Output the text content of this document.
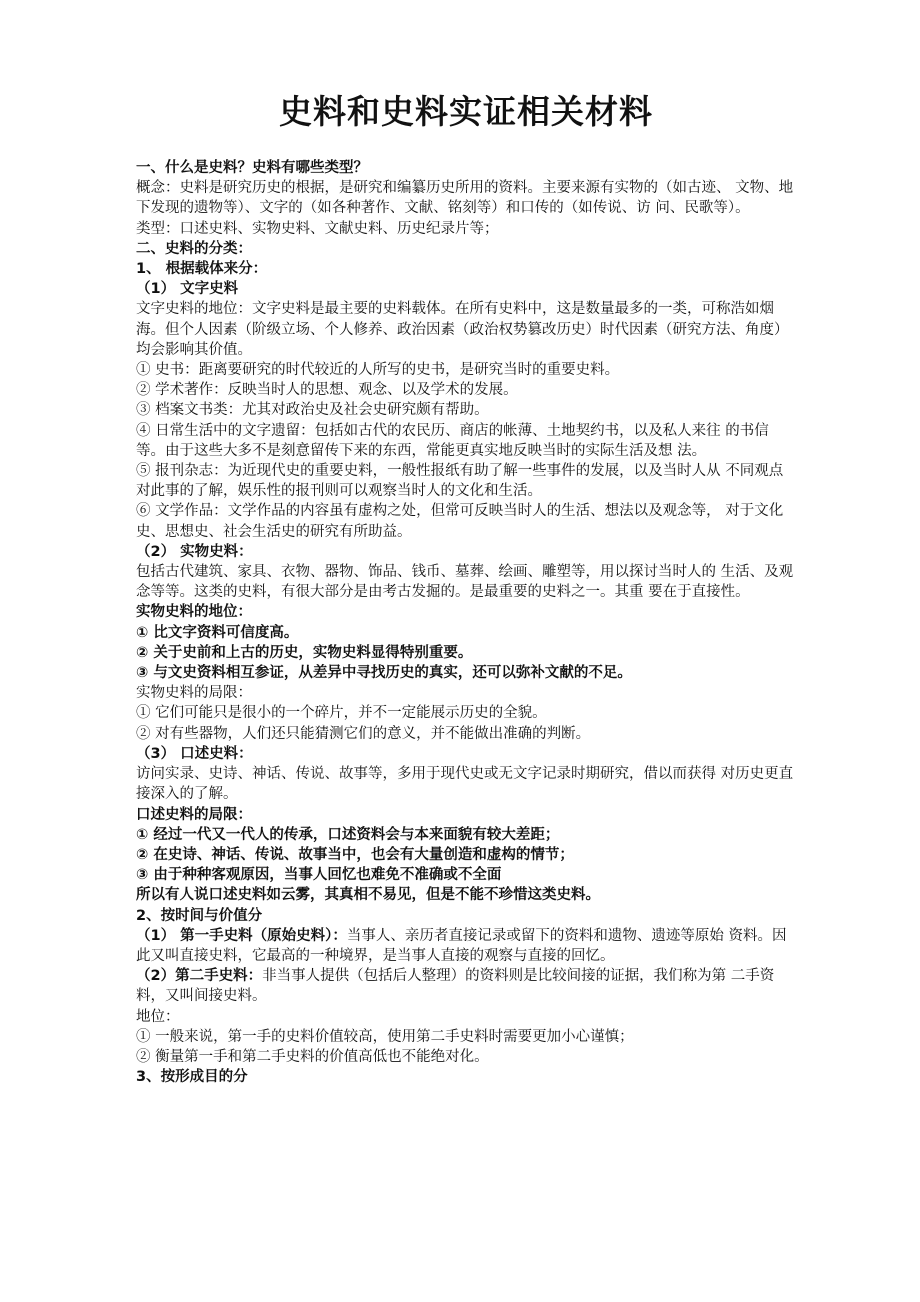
史料和史料实证相关材料

一、什么是史料？史料有哪些类型？

概念：史料是研究历史的根据，是研究和编纂历史所用的资料。主要来源有实物的（如古迹、 文物、地下发现的遗物等）、文字的（如各种著作、文献、铭刻等）和口传的（如传说、访 问、民歌等）。

类型：口述史料、实物史料、文献史料、历史纪录片等；

二、史料的分类：

1、 根据载体来分：

（1） 文字史料

文字史料的地位：文字史料是最主要的史料载体。在所有史料中，这是数量最多的一类，可称浩如烟海。但个人因素（阶级立场、个人修养、政治因素（政治权势篡改历史）时代因素（研究方法、角度）均会影响其价值。

① 史书：距离要研究的时代较近的人所写的史书，是研究当时的重要史料。

② 学术著作：反映当时人的思想、观念、以及学术的发展。

③ 档案文书类：尤其对政治史及社会史研究颇有帮助。

④ 日常生活中的文字遗留：包括如古代的农民历、商店的帐薄、土地契约书，以及私人来往 的书信等。由于这些大多不是刻意留传下来的东西，常能更真实地反映当时的实际生活及想 法。

⑤ 报刊杂志：为近现代史的重要史料，一般性报纸有助了解一些事件的发展，以及当时人从 不同观点对此事的了解，娱乐性的报刊则可以观察当时人的文化和生活。

⑥ 文学作品：文学作品的内容虽有虚构之处，但常可反映当时人的生活、想法以及观念等， 对于文化史、思想史、社会生活史的研究有所助益。

（2） 实物史料：

包括古代建筑、家具、衣物、器物、饰品、钱币、墓葬、绘画、雕塑等，用以探讨当时人的 生活、及观念等等。这类的史料，有很大部分是由考古发掘的。是最重要的史料之一。其重 要在于直接性。

实物史料的地位：

① 比文字资料可信度高。

② 关于史前和上古的历史，实物史料显得特别重要。

③ 与文史资料相互参证，从差异中寻找历史的真实，还可以弥补文献的不足。

实物史料的局限：

① 它们可能只是很小的一个碎片，并不一定能展示历史的全貌。

② 对有些器物，人们还只能猜测它们的意义，并不能做出准确的判断。

（3） 口述史料：

访问实录、史诗、神话、传说、故事等，多用于现代史或无文字记录时期研究，借以而获得 对历史更直接深入的了解。

口述史料的局限：

① 经过一代又一代人的传承，口述资料会与本来面貌有较大差距；

② 在史诗、神话、传说、故事当中，也会有大量创造和虚构的情节；

③ 由于种种客观原因，当事人回忆也难免不准确或不全面

所以有人说口述史料如云雾，其真相不易见，但是不能不珍惜这类史料。

2、按时间与价值分

（1） 第一手史料（原始史料）：当事人、亲历者直接记录或留下的资料和遗物、遗迹等原始 资料。因此又叫直接史料，它最高的一种境界，是当事人直接的观察与直接的回忆。

（2）第二手史料：非当事人提供（包括后人整理）的资料则是比较间接的证据，我们称为第 二手资料，又叫间接史料。

地位：

① 一般来说，第一手的史料价值较高，使用第二手史料时需要更加小心谨慎；

② 衡量第一手和第二手史料的价值高低也不能绝对化。

3、按形成目的分
